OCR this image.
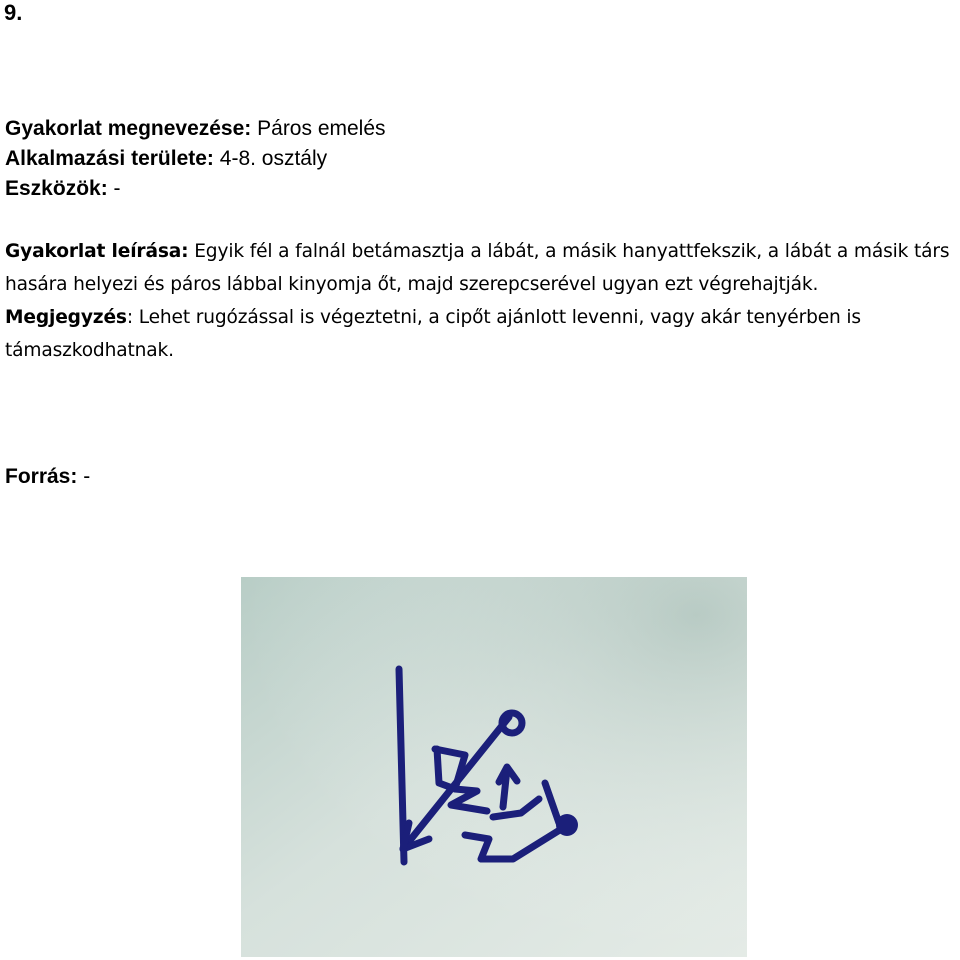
9.
Gyakorlat megnevezése: Páros emelés
Alkalmazási területe: 4-8. osztály
Eszközök: -
Gyakorlat leírása: Egyik fél a falnál betámasztja a lábát, a másik hanyattfekszik, a lábát a másik társ hasára helyezi és páros lábbal kinyomja őt, majd szerepcserével ugyan ezt végrehajtják.
Megjegyzés: Lehet rugózással is végeztetni, a cipőt ajánlott levenni, vagy akár tenyérben is támaszkodhatnak.
Forrás: -
